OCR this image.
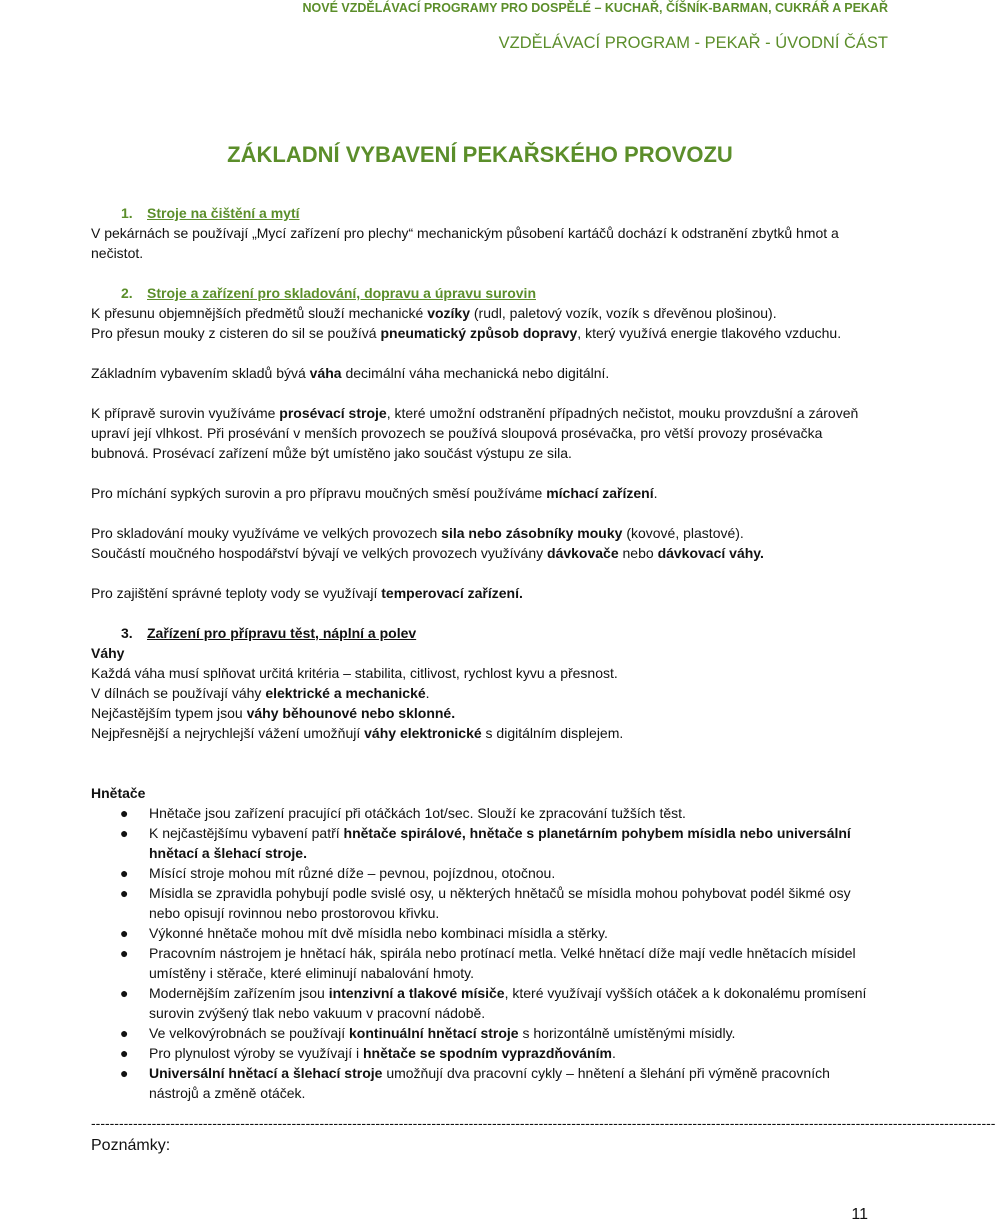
NOVÉ VZDĚLÁVACÍ PROGRAMY PRO DOSPĚLÉ – KUCHAŘ, ČÍŠNÍK-BARMAN, CUKRÁŘ A PEKAŘ
VZDĚLÁVACÍ PROGRAM - PEKAŘ - ÚVODNÍ ČÁST
ZÁKLADNÍ VYBAVENÍ PEKAŘSKÉHO PROVOZU

1. Stroje na čištění a mytí

V pekárnách se používají „Mycí zařízení pro plechy“ mechanickým působení kartáčů dochází k odstranění zbytků hmot a nečistot.

2. Stroje a zařízení pro skladování, dopravu a úpravu surovin

K přesunu objemnějších předmětů slouží mechanické vozíky (rudl, paletový vozík, vozík s dřevěnou plošinou).

Pro přesun mouky z cisteren do sil se používá pneumatický způsob dopravy, který využívá energie tlakového vzduchu.

Základním vybavením skladů bývá váha decimální váha mechanická nebo digitální.

K přípravě surovin využíváme prosévací stroje, které umožní odstranění případných nečistot, mouku provzdušní a zároveň upraví její vlhkost. Při prosévání v menších provozech se používá sloupová prosévačka, pro větší provozy prosévačka bubnová. Prosévací zařízení může být umístěno jako součást výstupu ze sila.

Pro míchání sypkých surovin a pro přípravu moučných směsí používáme míchací zařízení.

Pro skladování mouky využíváme ve velkých provozech sila nebo zásobníky mouky (kovové, plastové).

Součástí moučného hospodářství bývají ve velkých provozech využívány dávkovače nebo dávkovací váhy.

Pro zajištění správné teploty vody se využívají temperovací zařízení.

3. Zařízení pro přípravu těst, náplní a polev

Váhy

Každá váha musí splňovat určitá kritéria – stabilita, citlivost, rychlost kyvu a přesnost.

V dílnách se používají váhy elektrické a mechanické.

Nejčastějším typem jsou váhy běhounové nebo sklonné.

Nejpřesnější a nejrychlejší vážení umožňují váhy elektronické s digitálním displejem.

Hnětače

● Hnětače jsou zařízení pracující při otáčkách 1ot/sec. Slouží ke zpracování tužších těst.
● K nejčastějšímu vybavení patří hnětače spirálové, hnětače s planetárním pohybem mísidla nebo universální hnětací a šlehací stroje.
● Mísící stroje mohou mít různé díže – pevnou, pojízdnou, otočnou.
● Mísidla se zpravidla pohybují podle svislé osy, u některých hnětačů se mísidla mohou pohybovat podél šikmé osy nebo opisují rovinnou nebo prostorovou křivku.
● Výkonné hnětače mohou mít dvě mísidla nebo kombinaci mísidla a stěrky.
● Pracovním nástrojem je hnětací hák, spirála nebo protínací metla. Velké hnětací díže mají vedle hnětacích mísidel umístěny i stěrače, které eliminují nabalování hmoty.
● Modernějším zařízením jsou intenzivní a tlakové mísiče, které využívají vyšších otáček a k dokonalému promísení surovin zvýšený tlak nebo vakuum v pracovní nádobě.
● Ve velkovýrobnách se používají kontinuální hnětací stroje s horizontálně umístěnými mísidly.
● Pro plynulost výroby se využívají i hnětače se spodním vyprazdňováním.
● Universální hnětací a šlehací stroje umožňují dva pracovní cykly – hnětení a šlehání při výměně pracovních nástrojů a změně otáček.
--------------------------------------------------------------------------------------------------------------------------------------------------------------------------------------------------
Poznámky:
11
